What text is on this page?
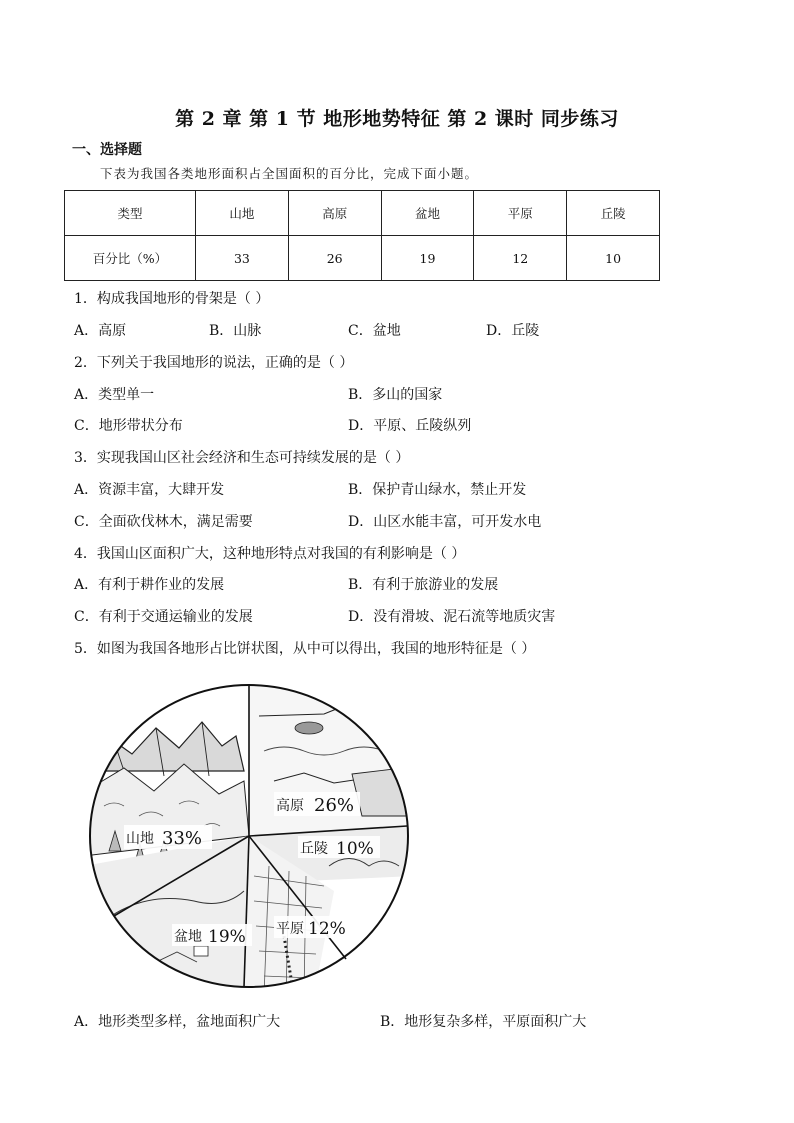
第 2 章 第 1 节 地形地势特征 第 2 课时 同步练习
一、选择题
下表为我国各类地形面积占全国面积的百分比，完成下面小题。
类型	山地	高原	盆地	平原	丘陵
百分比（%）	33	26	19	12	10
1．构成我国地形的骨架是（ ）
A．高原	B．山脉	C．盆地	D．丘陵
2．下列关于我国地形的说法，正确的是（ ）
A．类型单一	B．多山的国家
C．地形带状分布	D．平原、丘陵纵列
3．实现我国山区社会经济和生态可持续发展的是（ ）
A．资源丰富，大肆开发	B．保护青山绿水，禁止开发
C．全面砍伐林木，满足需要	D．山区水能丰富，可开发水电
4．我国山区面积广大，这种地形特点对我国的有利影响是（ ）
A．有利于耕作业的发展	B．有利于旅游业的发展
C．有利于交通运输业的发展	D．没有滑坡、泥石流等地质灾害
5．如图为我国各地形占比饼状图，从中可以得出，我国的地形特征是（ ）
高原 26%
丘陵 10%
平原 12%
盆地 19%
山地 33%
A．地形类型多样，盆地面积广大	B．地形复杂多样，平原面积广大
